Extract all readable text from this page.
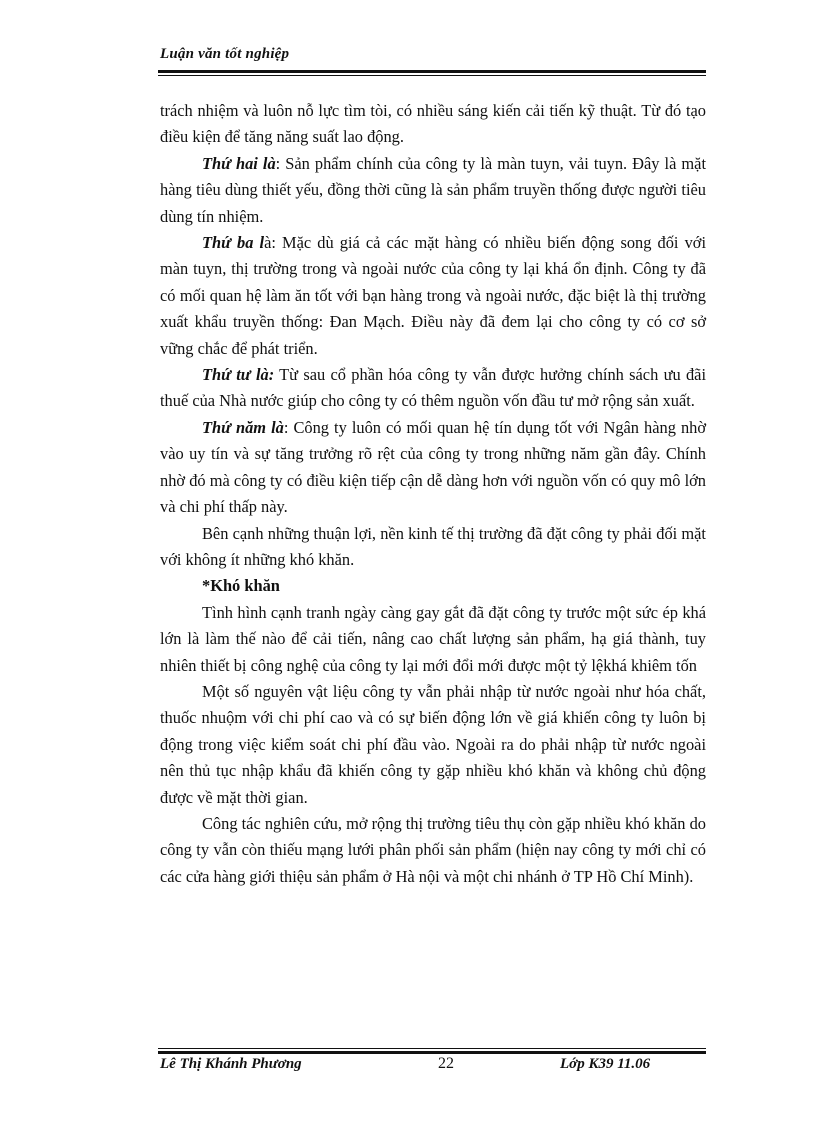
Luận văn tốt nghiệp

trách nhiệm và luôn nỗ lực tìm tòi, có nhiều sáng kiến cải tiến kỹ thuật. Từ đó tạo điều kiện để tăng năng suất lao động.

Thứ hai là: Sản phẩm chính của công ty là màn tuyn, vải tuyn. Đây là mặt hàng tiêu dùng thiết yếu, đồng thời cũng là sản phẩm truyền thống được người tiêu dùng tín nhiệm.

Thứ ba là: Mặc dù giá cả các mặt hàng có nhiều biến động song đối với màn tuyn, thị trường trong và ngoài nước của công ty lại khá ổn định. Công ty đã có mối quan hệ làm ăn tốt với bạn hàng trong và ngoài nước, đặc biệt là thị trường xuất khẩu truyền thống: Đan Mạch. Điều này đã đem lại cho công ty có cơ sở vững chắc để phát triển.

Thứ tư là: Từ sau cổ phần hóa công ty vẫn được hưởng chính sách ưu đãi thuế của Nhà nước giúp cho công ty có thêm nguồn vốn đầu tư mở rộng sản xuất.

Thứ năm là: Công ty luôn có mối quan hệ tín dụng tốt với Ngân hàng nhờ vào uy tín và sự tăng trưởng rõ rệt của công ty trong những năm gần đây. Chính nhờ đó mà công ty có điều kiện tiếp cận dễ dàng hơn với nguồn vốn có quy mô lớn và chi phí thấp này.

Bên cạnh những thuận lợi, nền kinh tế thị trường đã đặt công ty phải đối mặt với không ít những khó khăn.

*Khó khăn

Tình hình cạnh tranh ngày càng gay gắt đã đặt công ty trước một sức ép khá lớn là làm thế nào để cải tiến, nâng cao chất lượng sản phẩm, hạ giá thành, tuy nhiên thiết bị công nghệ của công ty lại mới đổi mới được một tỷ lệkhá khiêm tốn

Một số nguyên vật liệu công ty vẫn phải nhập từ nước ngoài như hóa chất, thuốc nhuộm với chi phí cao và có sự biến động lớn về giá khiến công ty luôn bị động trong việc kiểm soát chi phí đầu vào. Ngoài ra do phải nhập từ nước ngoài nên thủ tục nhập khẩu đã khiến công ty gặp nhiều khó khăn và không chủ động được về mặt thời gian.

Công tác nghiên cứu, mở rộng thị trường tiêu thụ còn gặp nhiều khó khăn do công ty vẫn còn thiếu mạng lưới phân phối sản phẩm (hiện nay công ty mới chỉ có các cửa hàng giới thiệu sản phẩm ở Hà nội và một chi nhánh ở TP Hồ Chí Minh).

Lê Thị Khánh Phương	22	Lớp K39 11.06
